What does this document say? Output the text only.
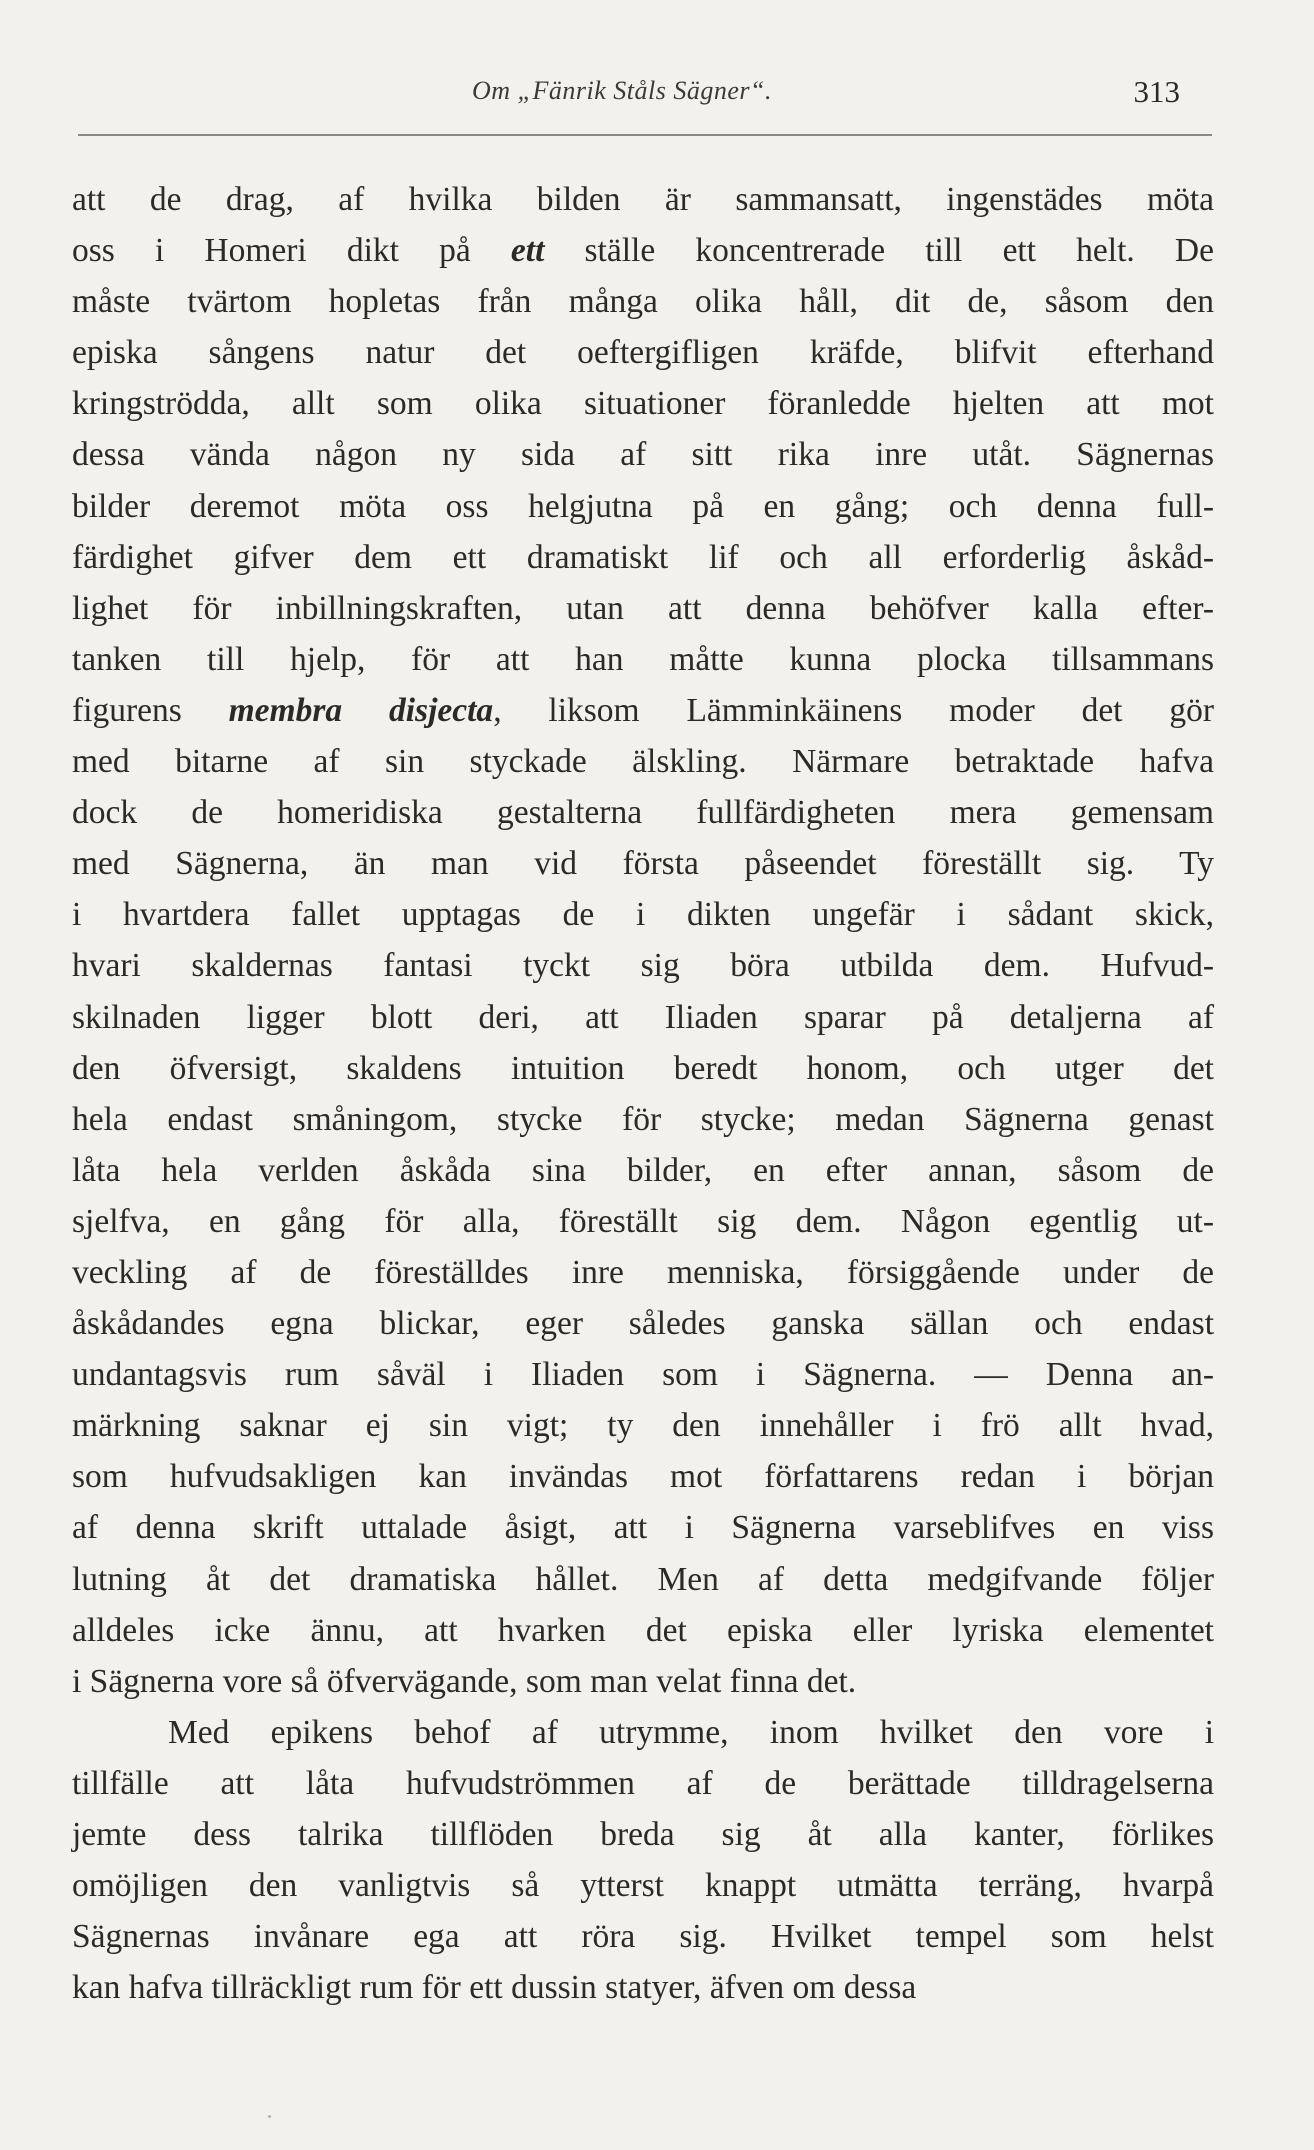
Om „Fänrik Ståls Sägner“.	313
att de drag, af hvilka bilden är sammansatt, ingenstädes möta
oss i Homeri dikt på ett ställe koncentrerade till ett helt. De
måste tvärtom hopletas från många olika håll, dit de, såsom den
episka sångens natur det oeftergifligen kräfde, blifvit efterhand
kringströdda, allt som olika situationer föranledde hjelten att mot
dessa vända någon ny sida af sitt rika inre utåt. Sägnernas
bilder deremot möta oss helgjutna på en gång; och denna full-
färdighet gifver dem ett dramatiskt lif och all erforderlig åskåd-
lighet för inbillningskraften, utan att denna behöfver kalla efter-
tanken till hjelp, för att han måtte kunna plocka tillsammans
figurens membra disjecta, liksom Lämminkäinens moder det gör
med bitarne af sin styckade älskling. Närmare betraktade hafva
dock de homeridiska gestalterna fullfärdigheten mera gemensam
med Sägnerna, än man vid första påseendet föreställt sig. Ty
i hvartdera fallet upptagas de i dikten ungefär i sådant skick,
hvari skaldernas fantasi tyckt sig böra utbilda dem. Hufvud-
skilnaden ligger blott deri, att Iliaden sparar på detaljerna af
den öfversigt, skaldens intuition beredt honom, och utger det
hela endast småningom, stycke för stycke; medan Sägnerna genast
låta hela verlden åskåda sina bilder, en efter annan, såsom de
sjelfva, en gång för alla, föreställt sig dem. Någon egentlig ut-
veckling af de föreställdes inre menniska, försiggående under de
åskådandes egna blickar, eger således ganska sällan och endast
undantagsvis rum såväl i Iliaden som i Sägnerna. — Denna an-
märkning saknar ej sin vigt; ty den innehåller i frö allt hvad,
som hufvudsakligen kan invändas mot författarens redan i början
af denna skrift uttalade åsigt, att i Sägnerna varseblifves en viss
lutning åt det dramatiska hållet. Men af detta medgifvande följer
alldeles icke ännu, att hvarken det episka eller lyriska elementet
i Sägnerna vore så öfvervägande, som man velat finna det.
Med epikens behof af utrymme, inom hvilket den vore i
tillfälle att låta hufvudströmmen af de berättade tilldragelserna
jemte dess talrika tillflöden breda sig åt alla kanter, förlikes
omöjligen den vanligtvis så ytterst knappt utmätta terräng, hvarpå
Sägnernas invånare ega att röra sig. Hvilket tempel som helst
kan hafva tillräckligt rum för ett dussin statyer, äfven om dessa
